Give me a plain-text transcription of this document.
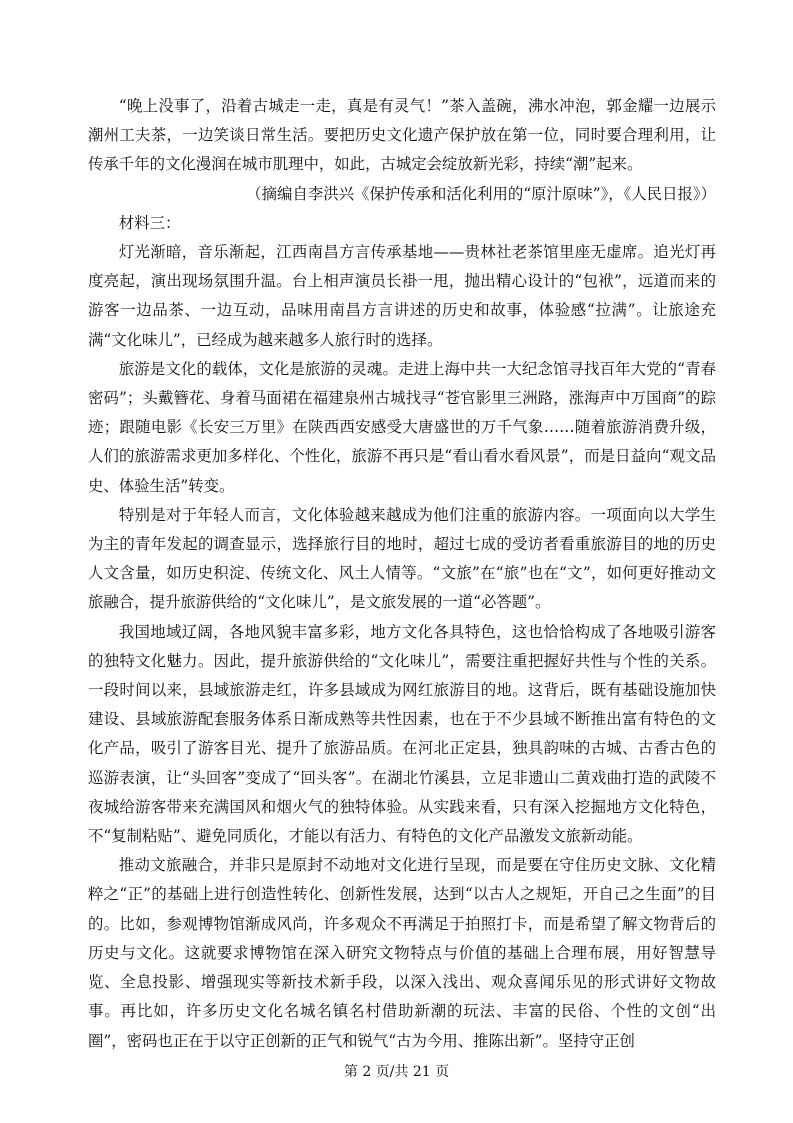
“晚上没事了，沿着古城走一走，真是有灵气！”茶入盖碗，沸水冲泡，郭金耀一边展示潮州工夫茶，一边笑谈日常生活。要把历史文化遗产保护放在第一位，同时要合理利用，让传承千年的文化漫润在城市肌理中，如此，古城定会绽放新光彩，持续“潮”起来。

（摘编自李洪兴《保护传承和活化利用的“原汁原味”》，《人民日报》）

材料三：

灯光渐暗，音乐渐起，江西南昌方言传承基地——贵林社老茶馆里座无虚席。追光灯再度亮起，演出现场氛围升温。台上相声演员长褂一甩，抛出精心设计的“包袱”，远道而来的游客一边品茶、一边互动，品味用南昌方言讲述的历史和故事，体验感“拉满”。让旅途充满“文化味儿”，已经成为越来越多人旅行时的选择。

旅游是文化的载体，文化是旅游的灵魂。走进上海中共一大纪念馆寻找百年大党的“青春密码”；头戴簪花、身着马面裙在福建泉州古城找寻“苍官影里三洲路，涨海声中万国商”的踪迹；跟随电影《长安三万里》在陕西西安感受大唐盛世的万千气象……随着旅游消费升级，人们的旅游需求更加多样化、个性化，旅游不再只是“看山看水看风景”，而是日益向“观文品史、体验生活”转变。

特别是对于年轻人而言，文化体验越来越成为他们注重的旅游内容。一项面向以大学生为主的青年发起的调查显示，选择旅行目的地时，超过七成的受访者看重旅游目的地的历史人文含量，如历史积淀、传统文化、风土人情等。“文旅”在“旅”也在“文”，如何更好推动文旅融合，提升旅游供给的“文化味儿”，是文旅发展的一道“必答题”。

我国地域辽阔，各地风貌丰富多彩，地方文化各具特色，这也恰恰构成了各地吸引游客的独特文化魅力。因此，提升旅游供给的“文化味儿”，需要注重把握好共性与个性的关系。一段时间以来，县域旅游走红，许多县域成为网红旅游目的地。这背后，既有基础设施加快建设、县域旅游配套服务体系日渐成熟等共性因素，也在于不少县域不断推出富有特色的文化产品，吸引了游客目光、提升了旅游品质。在河北正定县，独具韵味的古城、古香古色的巡游表演，让“头回客”变成了“回头客”。在湖北竹溪县，立足非遗山二黄戏曲打造的武陵不夜城给游客带来充满国风和烟火气的独特体验。从实践来看，只有深入挖掘地方文化特色，不“复制粘贴”、避免同质化，才能以有活力、有特色的文化产品激发文旅新动能。

推动文旅融合，并非只是原封不动地对文化进行呈现，而是要在守住历史文脉、文化精粹之“正”的基础上进行创造性转化、创新性发展，达到“以古人之规矩，开自己之生面”的目的。比如，参观博物馆渐成风尚，许多观众不再满足于拍照打卡，而是希望了解文物背后的历史与文化。这就要求博物馆在深入研究文物特点与价值的基础上合理布展，用好智慧导览、全息投影、增强现实等新技术新手段，以深入浅出、观众喜闻乐见的形式讲好文物故事。再比如，许多历史文化名城名镇名村借助新潮的玩法、丰富的民俗、个性的文创“出圈”，密码也正在于以守正创新的正气和锐气“古为今用、推陈出新”。坚持守正创

第 2 页/共 21 页
